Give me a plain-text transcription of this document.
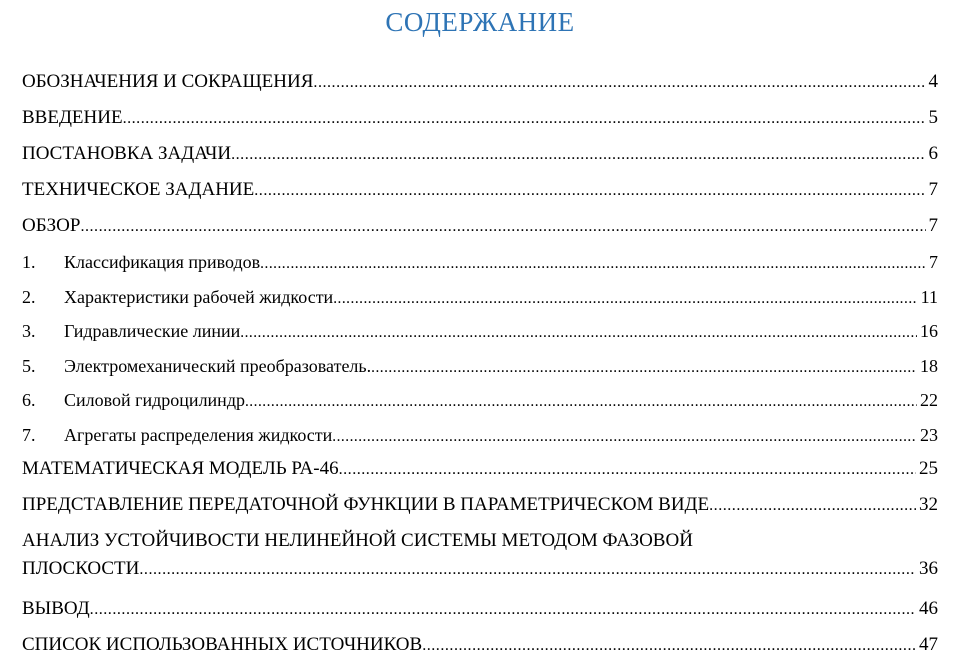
СОДЕРЖАНИЕ
ОБОЗНАЧЕНИЯ И СОКРАЩЕНИЯ .....	4
ВВЕДЕНИЕ .....	5
ПОСТАНОВКА ЗАДАЧИ .....	6
ТЕХНИЧЕСКОЕ ЗАДАНИЕ .....	7
ОБЗОР .....	7
1.	Классификация приводов .....	7
2.	Характеристики рабочей жидкости .....	11
3.	Гидравлические линии .....	16
5.	Электромеханический преобразователь. .....	18
6.	Силовой гидроцилиндр .....	22
7.	Агрегаты распределения жидкости .....	23
МАТЕМАТИЧЕСКАЯ МОДЕЛЬ РА-46 .....	25
ПРЕДСТАВЛЕНИЕ ПЕРЕДАТОЧНОЙ ФУНКЦИИ В ПАРАМЕТРИЧЕСКОМ ВИДЕ .....	32
АНАЛИЗ УСТОЙЧИВОСТИ НЕЛИНЕЙНОЙ СИСТЕМЫ МЕТОДОМ ФАЗОВОЙ
ПЛОСКОСТИ .....	36
ВЫВОД .....	46
СПИСОК ИСПОЛЬЗОВАННЫХ ИСТОЧНИКОВ .....	47
